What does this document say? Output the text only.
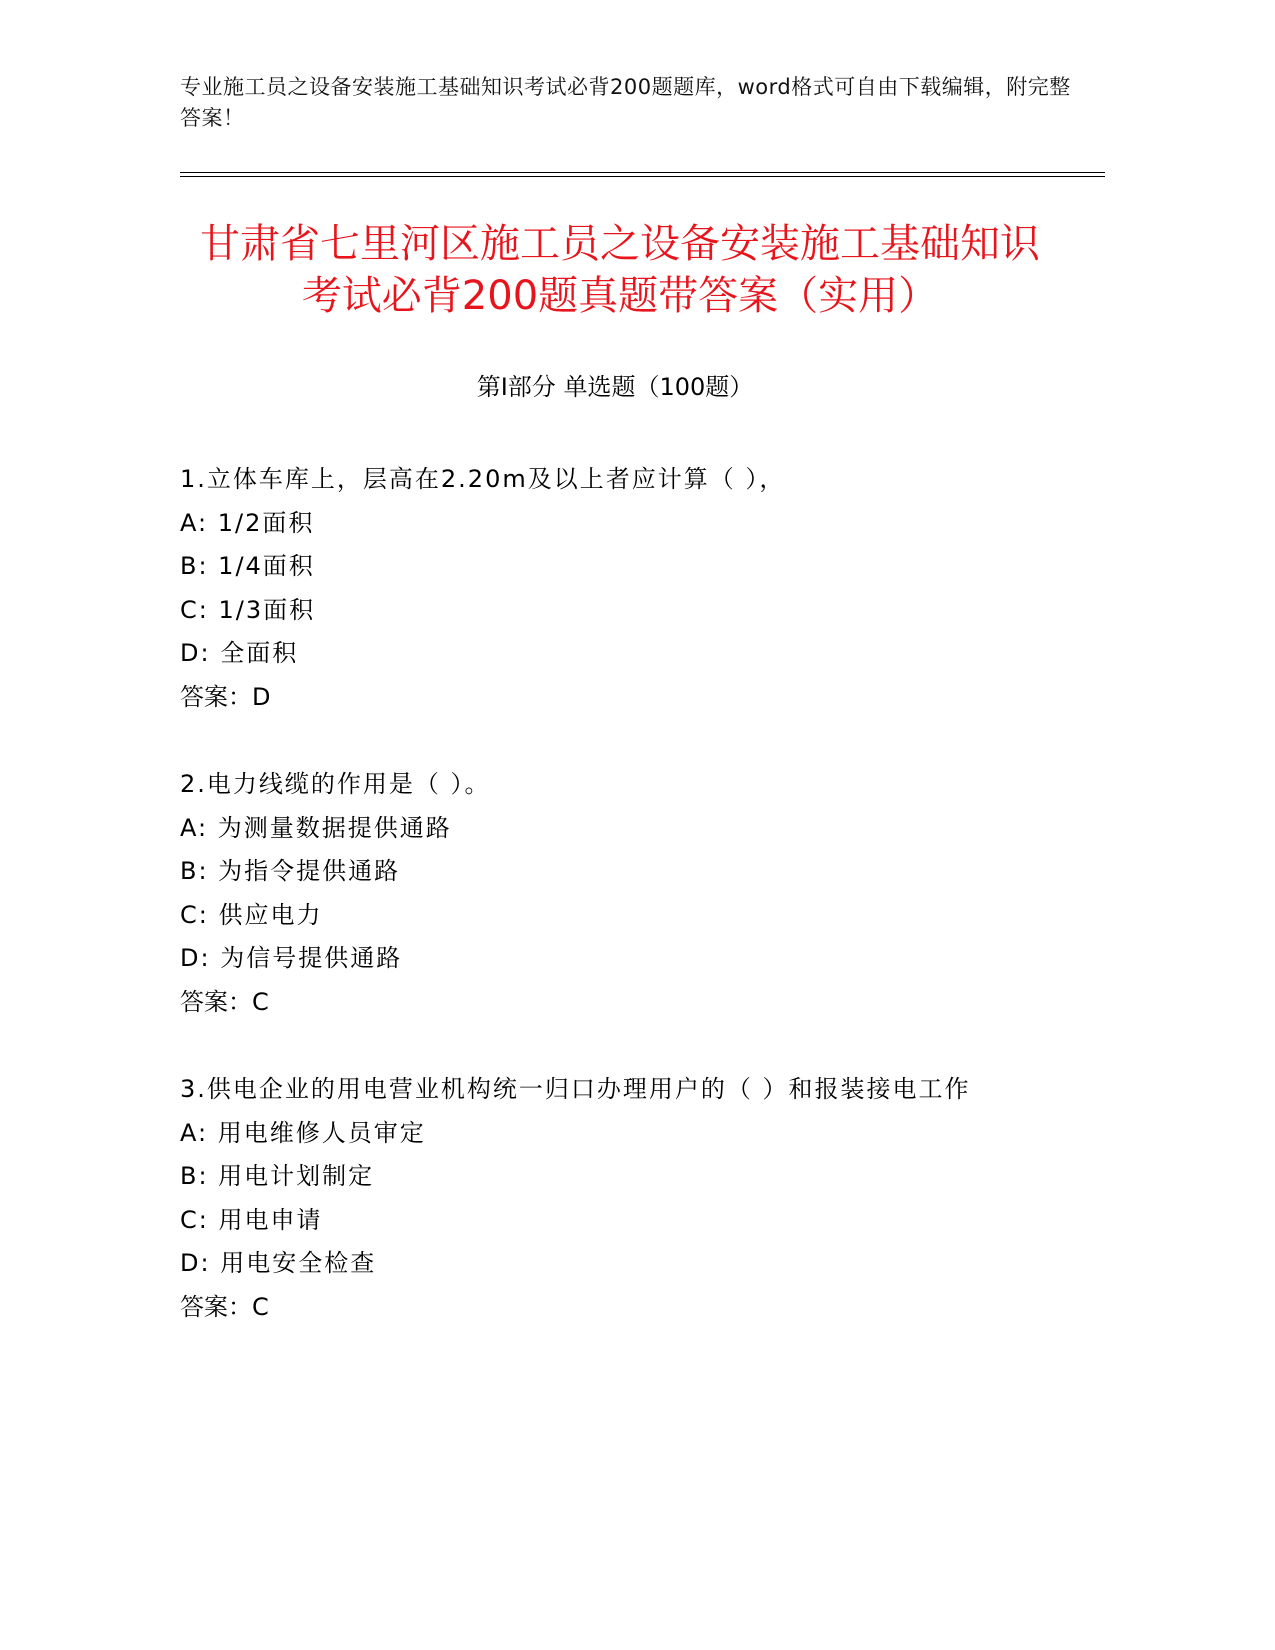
专业施工员之设备安装施工基础知识考试必背200题题库，word格式可自由下载编辑，附完整答案！
甘肃省七里河区施工员之设备安装施工基础知识考试必背200题真题带答案（实用）
第Ⅰ部分 单选题（100题）
1.立体车库上，层高在2.20m及以上者应计算（ ），
A: 1/2面积
B: 1/4面积
C: 1/3面积
D: 全面积
答案：D
2.电力线缆的作用是（ ）。
A: 为测量数据提供通路
B: 为指令提供通路
C: 供应电力
D: 为信号提供通路
答案：C
3.供电企业的用电营业机构统一归口办理用户的（ ）和报装接电工作
A: 用电维修人员审定
B: 用电计划制定
C: 用电申请
D: 用电安全检查
答案：C
